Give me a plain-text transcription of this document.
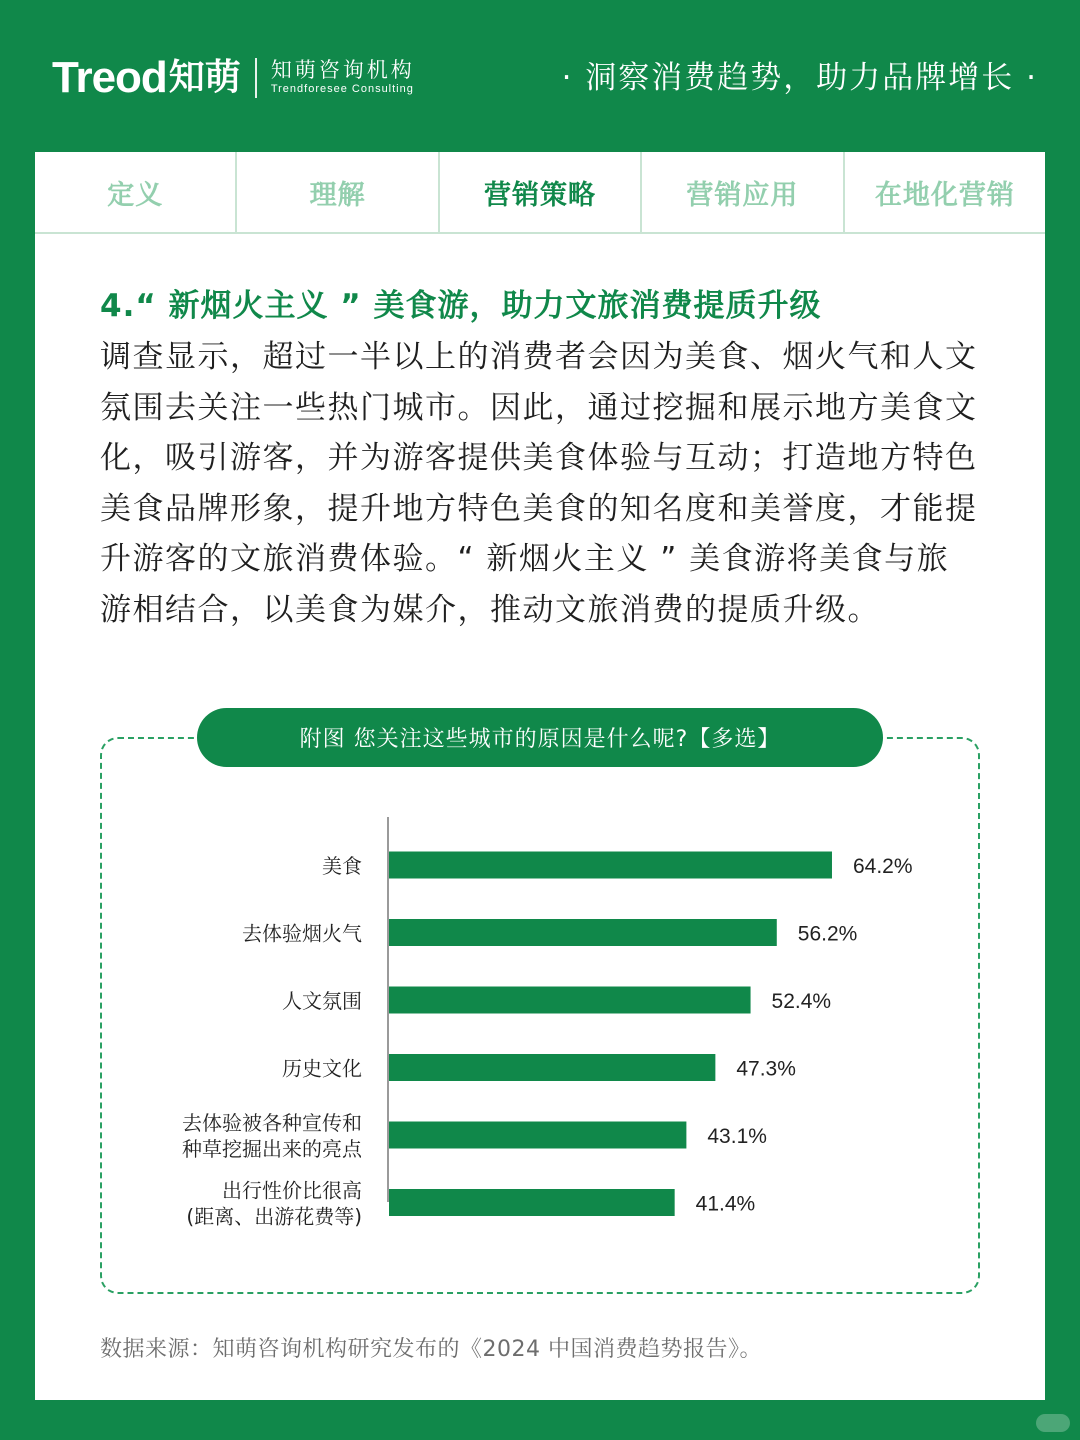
Treod 知萌 知萌咨询机构
Trendforesee Consulting	· 洞察消费趋势，助力品牌增长 ·
定义	理解	营销策略	营销应用	在地化营销
4.“ 新烟火主义 ” 美食游，助力文旅消费提质升级
调查显示，超过一半以上的消费者会因为美食、烟火气和人文氛围去关注一些热门城市。因此，通过挖掘和展示地方美食文化，吸引游客，并为游客提供美食体验与互动；打造地方特色美食品牌形象，提升地方特色美食的知名度和美誉度，才能提升游客的文旅消费体验。“ 新烟火主义 ” 美食游将美食与旅游相结合，以美食为媒介，推动文旅消费的提质升级。
64.2%
美食
56.2%
去体验烟火气
52.4%
人文氛围
47.3%
历史文化
43.1%
去体验被各种宣传和
种草挖掘出来的亮点
41.4%
出行性价比很高
(距离、出游花费等)
附图 您关注这些城市的原因是什么呢?【多选】
数据来源：知萌咨询机构研究发布的《2024 中国消费趋势报告》。
